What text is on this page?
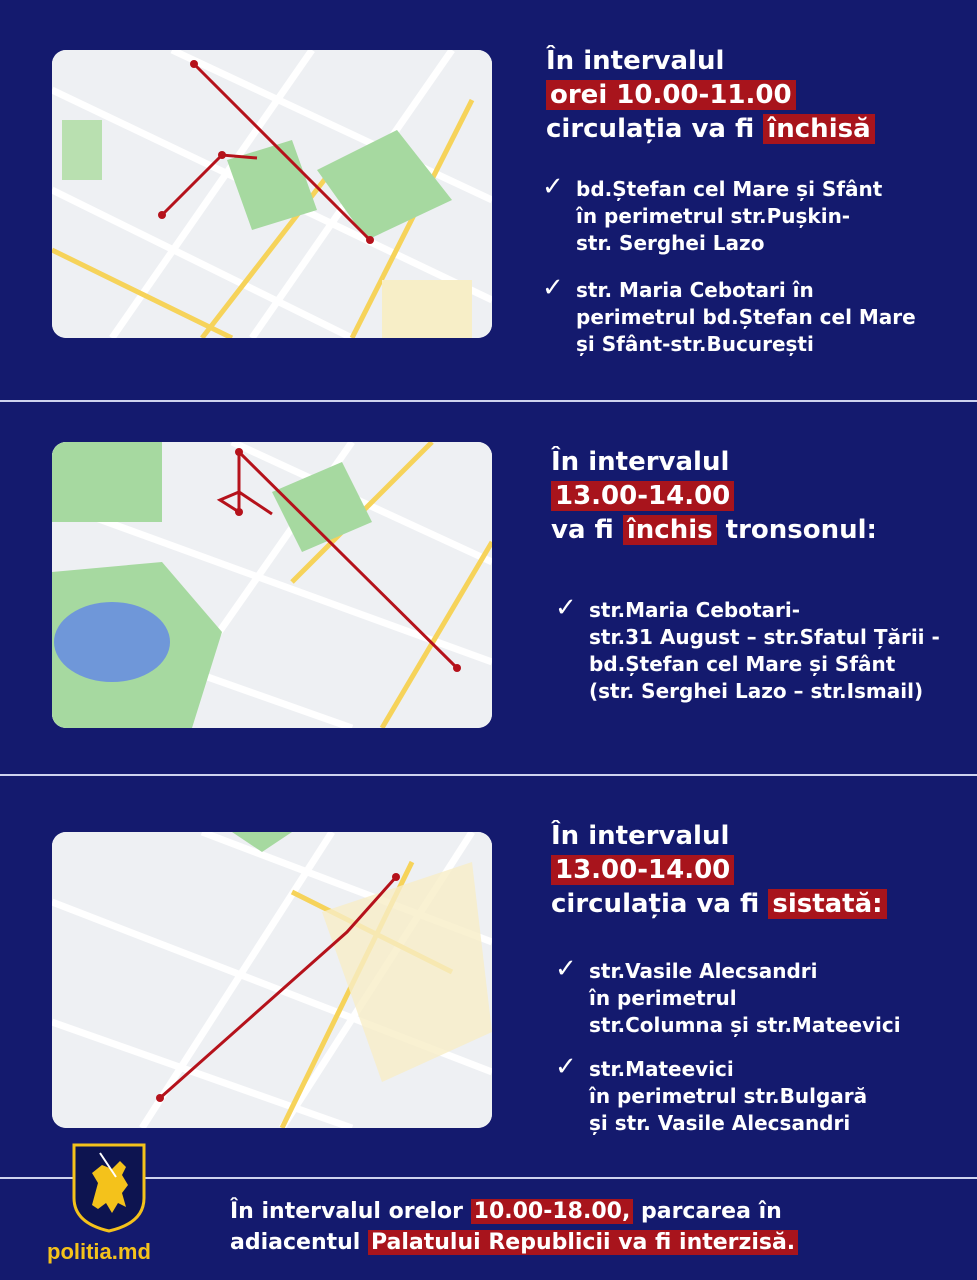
În intervalul
orei 10.00-11.00
circulația va fi închisă
✓ bd.Ștefan cel Mare și Sfânt
în perimetrul str.Pușkin-
str. Serghei Lazo
✓ str. Maria Cebotari în
perimetrul bd.Ștefan cel Mare
și Sfânt-str.București
În intervalul
13.00-14.00
va fi închis tronsonul:
✓ str.Maria Cebotari-
str.31 August – str.Sfatul Țării -
bd.Ștefan cel Mare și Sfânt
(str. Serghei Lazo – str.Ismail)
În intervalul
13.00-14.00
circulația va fi sistată:
✓ str.Vasile Alecsandri
în perimetrul
str.Columna și str.Mateevici
✓ str.Mateevici
în perimetrul str.Bulgară
și str. Vasile Alecsandri
politia.md
În intervalul orelor 10.00-18.00, parcarea în
adiacentul Palatului Republicii va fi interzisă.
